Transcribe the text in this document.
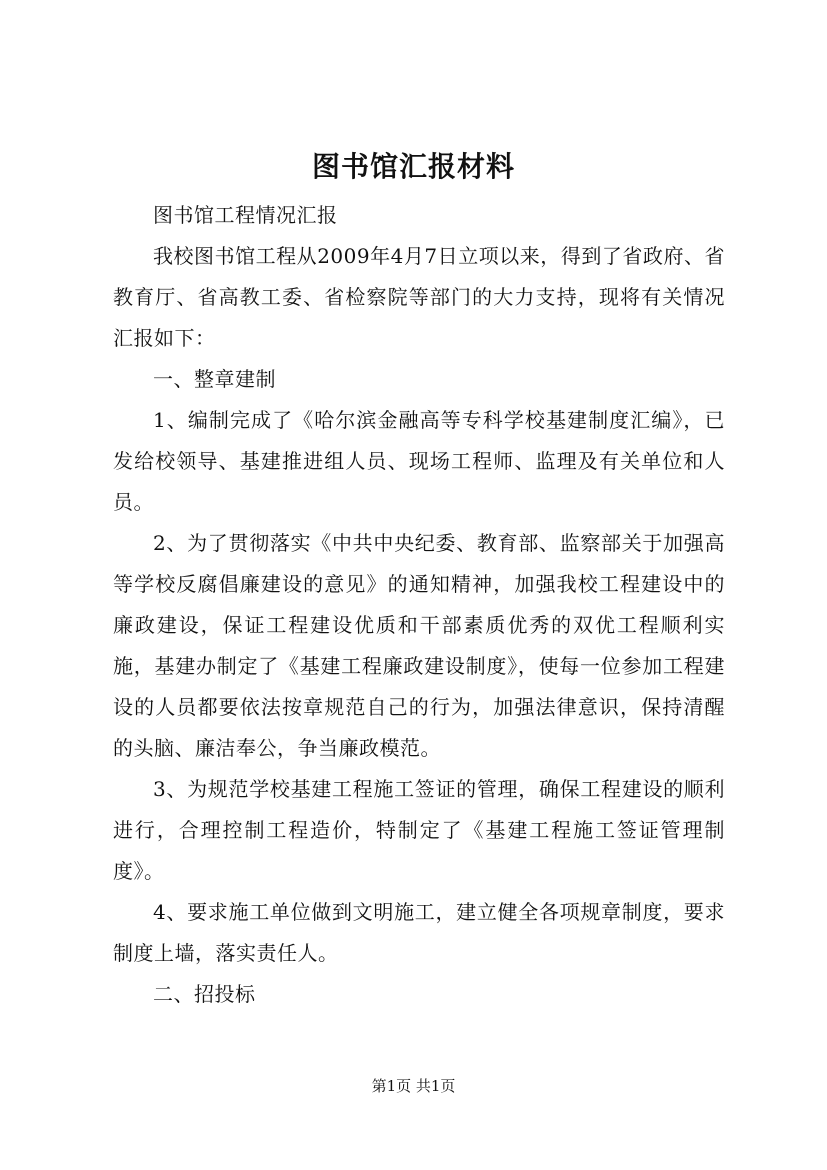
图书馆汇报材料

图书馆工程情况汇报

我校图书馆工程从2009年4月7日立项以来，得到了省政府、省教育厅、省高教工委、省检察院等部门的大力支持，现将有关情况汇报如下：

一、整章建制

1、编制完成了《哈尔滨金融高等专科学校基建制度汇编》，已发给校领导、基建推进组人员、现场工程师、监理及有关单位和人员。

2、为了贯彻落实《中共中央纪委、教育部、监察部关于加强高等学校反腐倡廉建设的意见》的通知精神，加强我校工程建设中的廉政建设，保证工程建设优质和干部素质优秀的双优工程顺利实施，基建办制定了《基建工程廉政建设制度》，使每一位参加工程建设的人员都要依法按章规范自己的行为，加强法律意识，保持清醒的头脑、廉洁奉公，争当廉政模范。

3、为规范学校基建工程施工签证的管理，确保工程建设的顺利进行，合理控制工程造价，特制定了《基建工程施工签证管理制度》。

4、要求施工单位做到文明施工，建立健全各项规章制度，要求制度上墙，落实责任人。

二、招投标

第1页 共1页
